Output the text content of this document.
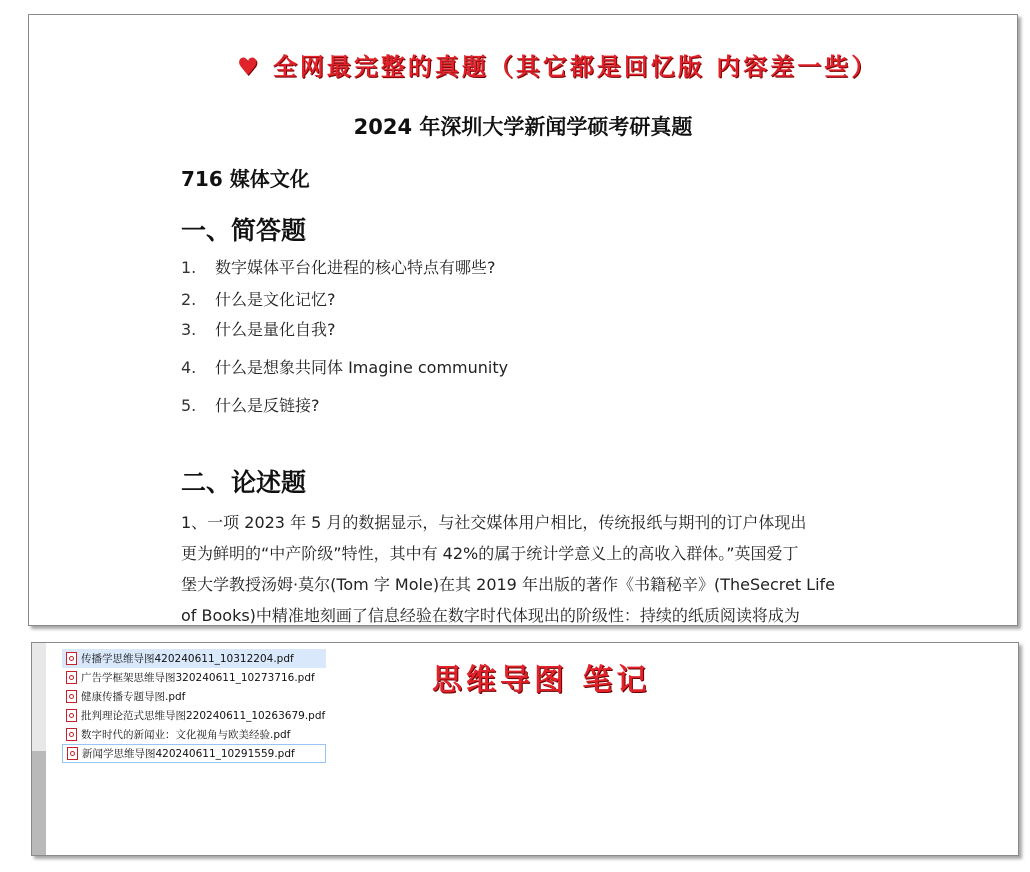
♥ 全网最完整的真题（其它都是回忆版 内容差一些）
2024 年深圳大学新闻学硕考研真题
716 媒体文化
一、简答题
1. 数字媒体平台化进程的核心特点有哪些?
2. 什么是文化记忆?
3. 什么是量化自我?
4. 什么是想象共同体 Imagine community
5. 什么是反链接?
二、论述题
1、一项 2023 年 5 月的数据显示，与社交媒体用户相比，传统报纸与期刊的订户体现出
更为鲜明的“中产阶级”特性，其中有 42%的属于统计学意义上的高收入群体。”英国爱丁
堡大学教授汤姆·莫尔(Tom 字 Mole)在其 2019 年出版的著作《书籍秘辛》(TheSecret Life
of Books)中精准地刻画了信息经验在数字时代体现出的阶级性：持续的纸质阅读将成为
传播学思维导图420240611_10312204.pdf
广告学框架思维导图320240611_10273716.pdf
健康传播专题导图.pdf
批判理论范式思维导图220240611_10263679.pdf
数字时代的新闻业：文化视角与欧美经验.pdf
新闻学思维导图420240611_10291559.pdf
思维导图 笔记
